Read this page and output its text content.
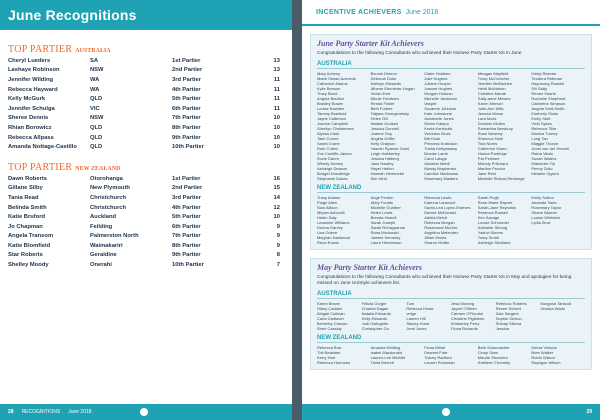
June Recognitions
TOP PARTIER AUSTRALIA
Cheryl Lueders	SA	1st Partier	13
Lashaye Robinson	NSW	2nd Partier	13
Jennifer Wilding	WA	3rd Partier	11
Rebecca Hayward	WA	4th Partier	11
Kelly McGurk	QLD	5th Partier	11
Jennifer Schulga	VIC	6th Partier	11
Sheree Dennis	NSW	7th Partier	10
Rhian Borowicz	QLD	8th Partier	10
Rebecca Allpass	QLD	9th Partier	10
Amanda Nottage-Castillo	QLD	10th Partier	10
TOP PARTIER NEW ZEALAND
Dawn Roberts	Otorohanga	1st Partier	16
Gillane Silby	New Plymouth	2nd Partier	15
Tania Read	Christchurch	3rd Partier	14
Belinda Smith	Christchurch	4th Partier	12
Katie Bruford	Auckland	5th Partier	10
Jo Chapman	Feilding	6th Partier	9
Angela Transom	Palmerston North	7th Partier	9
Katie Blomfield	Waimakariri	8th Partier	9
Star Roberts	Geraldine	9th Partier	8
Shelley Moody	Onerahi	10th Partier	7
28 RECOGNITIONS June 2018
INCENTIVE ACHIEVERS June 2018
June Party Starter Kit Achievers
Congratulations to the following Consultants who achieved their Norwex Party Starter Kit in June
AUSTRALIA
Mary Acheny
Marie Simao Azevedo
Catherine Adams
Kylie Benson
Tracy Bond
Angela Boulton
Bradley Bower
Louise Bowden
Tammy Bradford
Jayne Catterson
Joanne Campbell
Sherilyn Christensen
Alyssa Clark
Tash Crome
Sarah Crane
Ruth Cullen
Zoe Cunliffe-James
Suzie Dahm
Wendy Demey
Ashleigh Deacon
Bridget Dowdridge
Stephanie Dukes
Bonnie Deleon
Deborah Duke
Kathryn Edwards
Athene Ebenezer-Hogan
Vivian Ever
Nicole Farnham
Renda Fisher
Beth Forbes
Tatjana Georgevelsky
Helen Gill
Natalie Godsen
Jessica Gunnell
Joanne Guy
Angela Griffin
Kelly Grayson
Yasmin Ryanne Gumi
Leigh Habberley
Jessica Halberg
Jane Hawley
Hayel Hefton
Hannah Hemmeke
Kim Hirst
Claire Holdsen
Julie Hughes
Juliane Hooper
Joanne Hughes
Morgan Hudson
Michelle Jamieson
Vaspet
Suzanne Johnson
Kate Johnstone
Annabelle Jones
Divine Kaiepo
Keela Kerboutis
Veronica Kluck
Bib Kook
Princess Krabosch
Trisha Kettyasamy
Brooke Lamb
Carol Lalage
Annabel Mahli
Mandy Mapheneo
Candice Markowsk
Rosemary Masters
Meagan Mayfield
Tracy McCrutcher
Jennifer McEachen
Heidi McMahon
Christine Merab
Sally-anne Mewes
Karen Mersch
Julie-Ann Mills
Jessica Mross
Lara Mock
Dominic Mullen
Samantha Newbury
Rose Newnby
Shannon Nohl
Tina Norris
Catherine Owen
Hanna Partridge
Pat Pertwee
Melody Pritchard
Martine Proctor
Jane Reid
Michelle Ridson-Rentonge
Kristy Reeves
Teodora Rebman
Hayoeung Russell
Sili Salig
Renee Searle
Rochelle Shepherd
Catherine Simpson
Angela Smit-Smith
Kimberly Stoke
Emily Stott
Vicki Sykes
Rebecca Tiller
Monica Turney
Long Tan
Maggie Thorpe
Jenni van der Heuvel
Raina Vitalo
Susan Waters
Makenzie Yip
Penny Zollo
Melanie Zypers
NEW ZEALAND
Tracy Adams
Paige Allen
Sian Allison
Mirjam Ashcroft
Helen Daly
Leoannie Williams
Donna Garvey
Lisa Grieve
Meghan Eastwood
Rena Evans
Ange Fenton
Abby Foulds
Michelle Gunther
Helen Lewis
Brenda Harrell
Sarah Joseph
Sarah Ruhaypanne
Rana Mcdonald
Jaimee Kennedy
Laura Henderson
Rebecca Lewis
Karinna Lanwood
Sarah-Lea Lopez-Esteves
Denise McDonald
Adelia Melvit
Rebecca Morgan
Rosamond McGee
Angelina Melendez
Jillian Morris
Sharon Mutter
Sarah Pugh
Rose-Marie Rayner
Sarah-Jane Reynolds
Rebecca Russell
Kim Savage
Louise Schroeder
Adelaide Sthong
Yashvi Simms
Tracy Smith
Ashleigh Stickland
Emily Sutton
Amanda Tacio
Rosemary Taylor
Shane Warner
Louise Whitwick
Lydia Zinzi
May Party Starter Kit Achievers
Congratulations to the following Consultants who achieved their Norwex Party Starter Kit in May and apologies for being missed on June UniStyle achievers list.
AUSTRALIA
Karen Brown
Hilary Cadden
Abigail Cullinan
Carla Cartlaver
Beverley Clarson
Sheri Cassidy
Felicia Gorgie
Chantal Dagan
Natalia Edwards
Kelly Edwards
Jodi Galloghler
Christopher Gu
Tum
Rebecca Howe
vetge
Lauren Hill
Stacey Hurst
Jemi Jones
Jess Morong
Jaycel O'Brien
Carmen O'Rourke
Christine Pigliderio
Kimberley Perry
Fiona Richards
Rebecca Roberts
Renee Schiert
Zola Sargent
Sophie Sexton
Shinay Silvera
Jessica
Morgana Tarbook
Jessica Wade
NEW ZEALAND
Rebecca Burr
Thil Beaktam
Kerry Hart
Rebecca Horrocks
Amanda Kettling
Isabel Macdonald
Lauren-Lee Midhild
Tania Merrett
Fiona Mittal
Dearest Pote
Tracey Radford
Lauren Rockman
Beth Schumacher
Cindy Sims
Maude Stockden
Kathleen Thornley
Debra Victoria
Bree Walker
Robin Wilson
Raydgon Wilson
29
